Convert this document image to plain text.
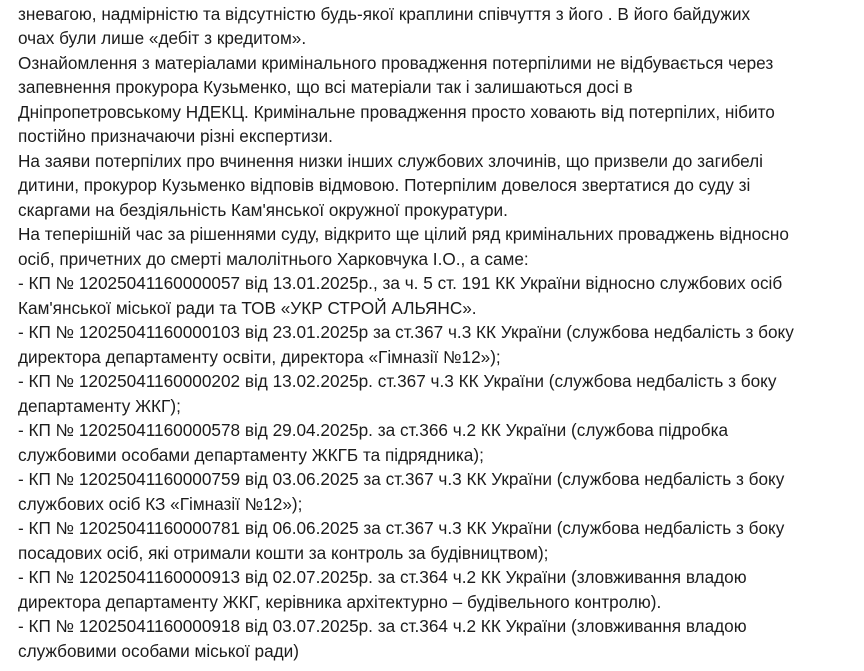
зневагою, надмірністю та відсутністю будь-якої краплини співчуття з його . В його байдужих
очах були лише «дебіт з кредитом».
Ознайомлення з матеріалами кримінального провадження потерпілими не відбувається через
запевнення прокурора Кузьменко, що всі матеріали так і залишаються досі в
Дніпропетровському НДЕКЦ. Кримінальне провадження просто ховають від потерпілих, нібито
постійно призначаючи різні експертизи.
На заяви потерпілих про вчинення низки інших службових злочинів, що призвели до загибелі
дитини, прокурор Кузьменко відповів відмовою. Потерпілим довелося звертатися до суду зі
скаргами на бездіяльність Кам'янської окружної прокуратури.
На теперішній час за рішеннями суду, відкрито ще цілий ряд кримінальних проваджень відносно
осіб, причетних до смерті малолітнього Харковчука І.О., а саме:
- КП № 12025041160000057 від 13.01.2025р., за ч. 5 ст. 191 КК України відносно службових осіб
Кам'янської міської ради та ТОВ «УКР СТРОЙ АЛЬЯНС».
- КП № 12025041160000103 від 23.01.2025р за ст.367 ч.3 КК України (службова недбалість з боку
директора департаменту освіти, директора «Гімназії №12»);
- КП № 12025041160000202 від 13.02.2025р. ст.367 ч.3 КК України (службова недбалість з боку
департаменту ЖКГ);
- КП № 12025041160000578 від 29.04.2025р. за ст.366 ч.2 КК України (службова підробка
службовими особами департаменту ЖКГБ та підрядника);
- КП № 12025041160000759 від 03.06.2025 за ст.367 ч.3 КК України (службова недбалість з боку
службових осіб КЗ «Гімназії №12»);
- КП № 12025041160000781 від 06.06.2025 за ст.367 ч.3 КК України (службова недбалість з боку
посадових осіб, які отримали кошти за контроль за будівництвом);
- КП № 12025041160000913 від 02.07.2025р. за ст.364 ч.2 КК України (зловживання владою
директора департаменту ЖКГ, керівника архітектурно – будівельного контролю).
- КП № 12025041160000918 від 03.07.2025р. за ст.364 ч.2 КК України (зловживання владою
службовими особами міської ради)
